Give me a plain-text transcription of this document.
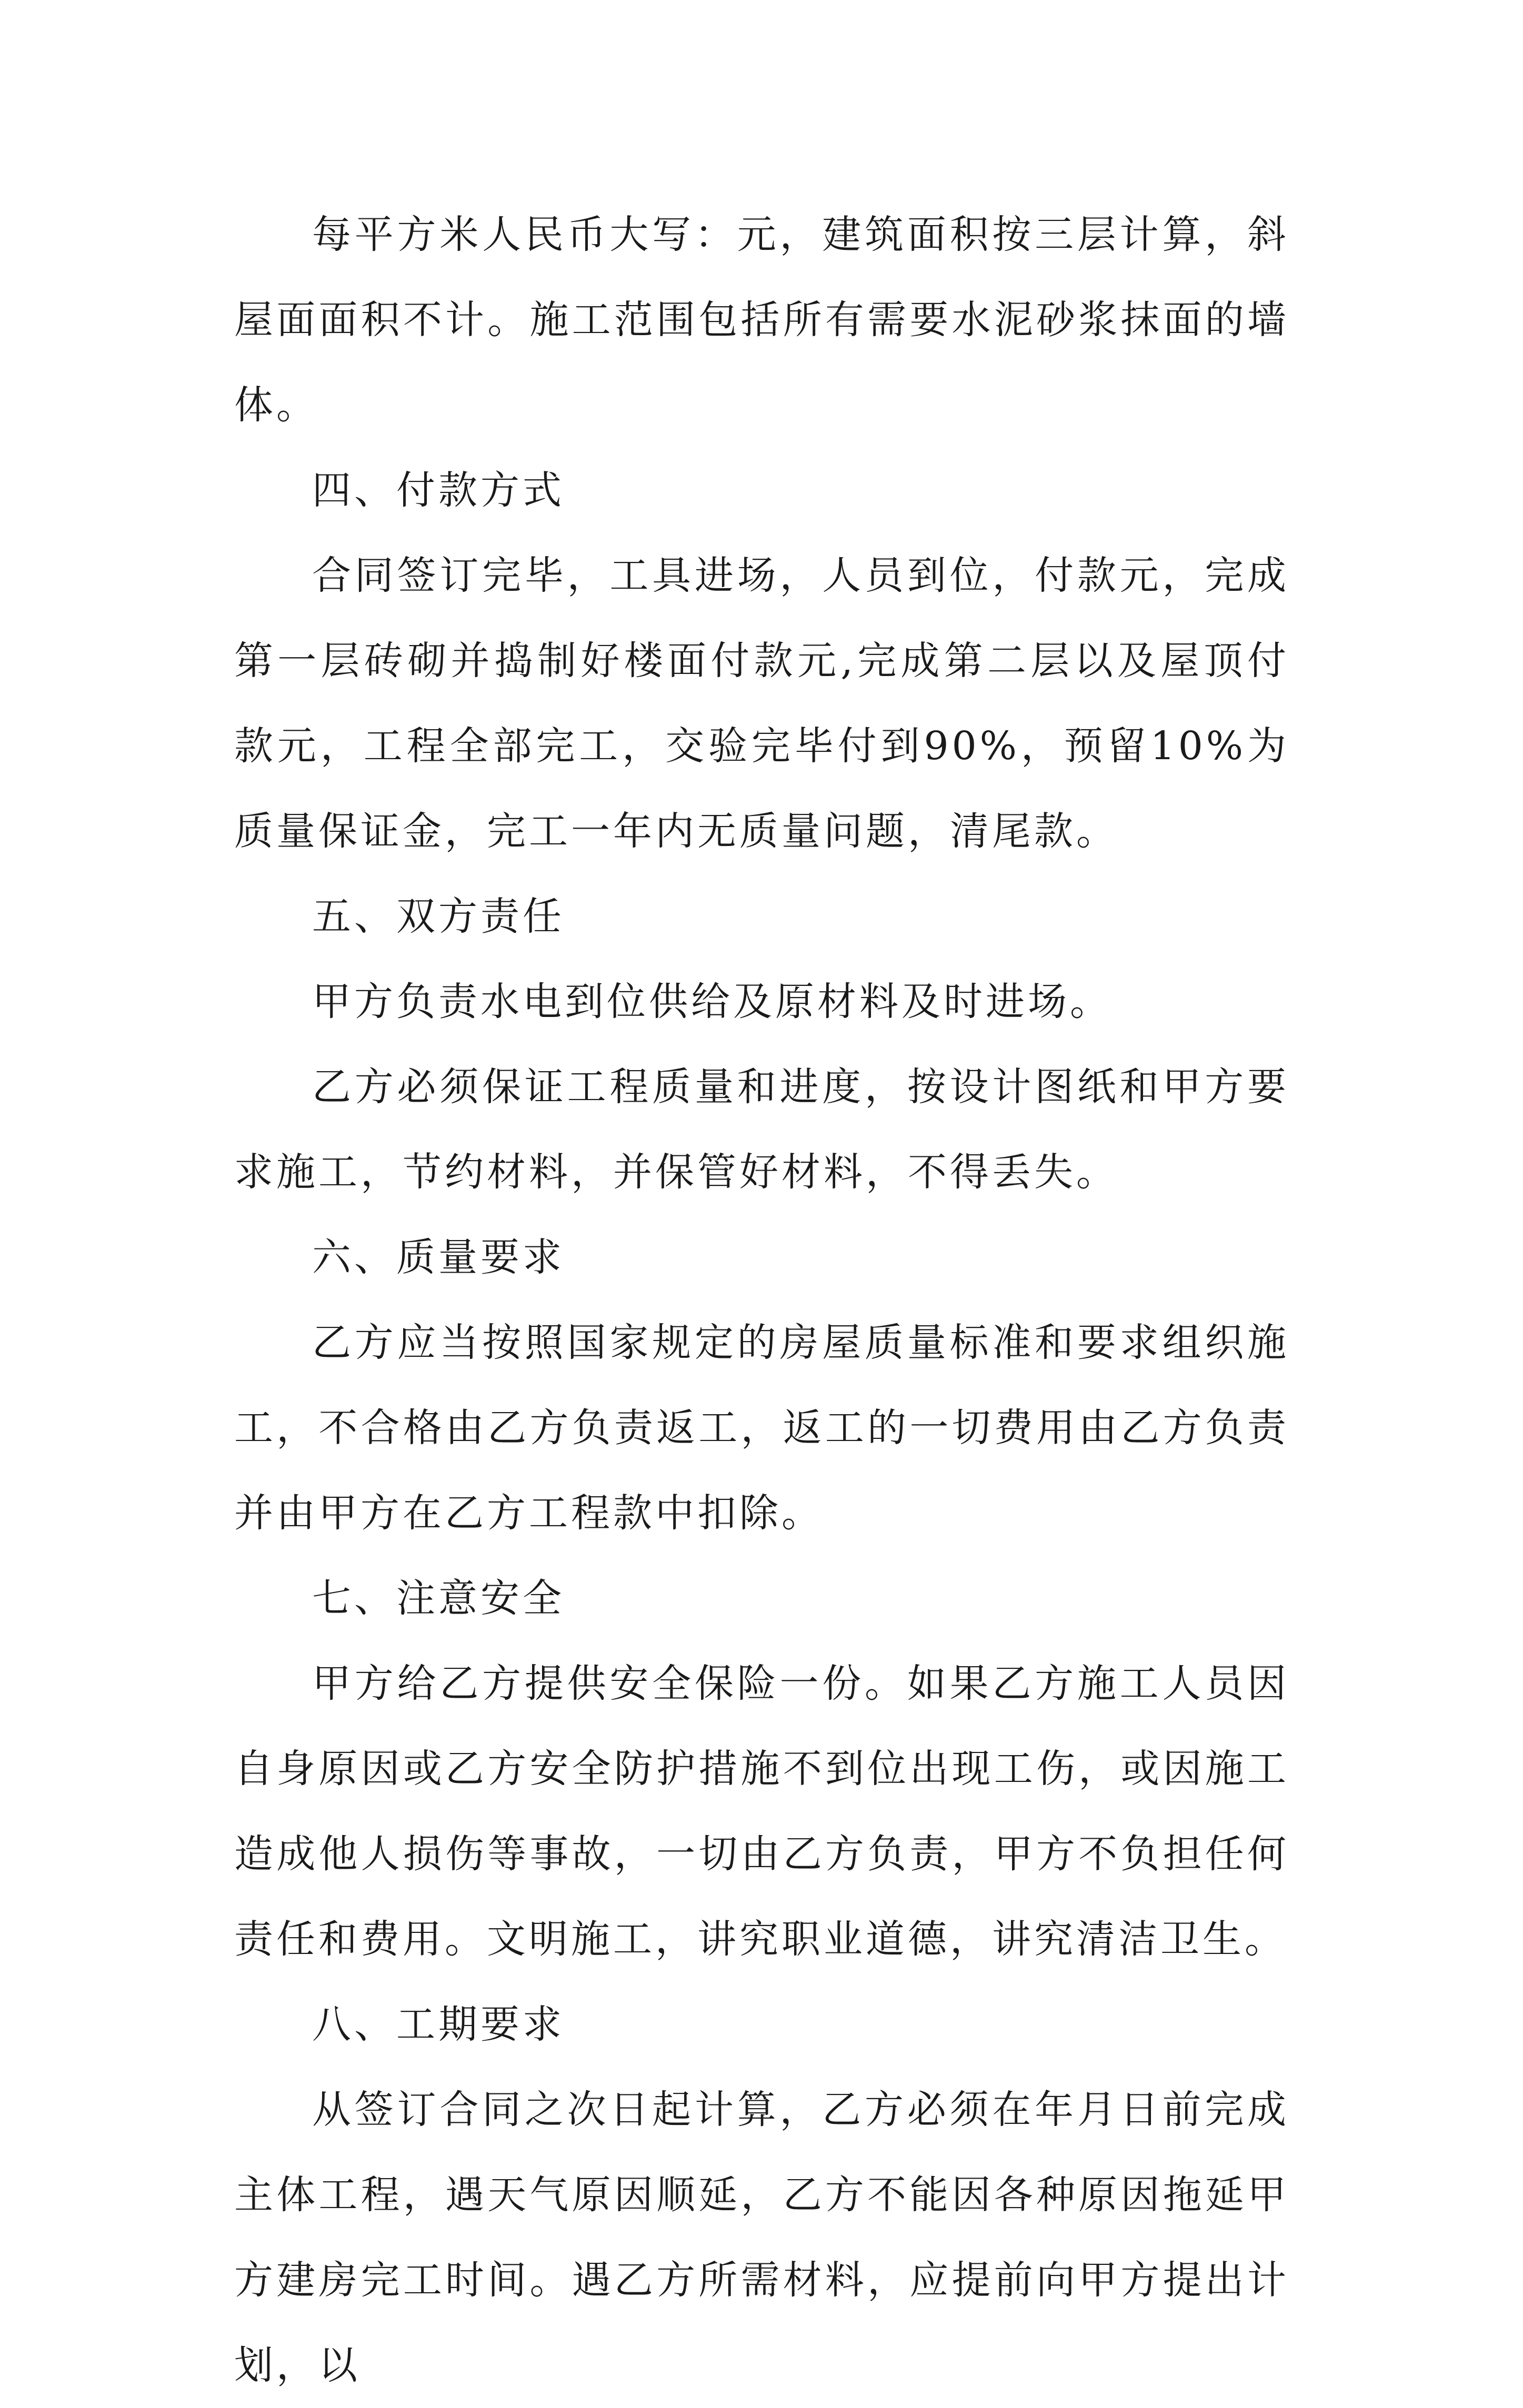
每平方米人民币大写：元，建筑面积按三层计算，斜屋面面积不计。施工范围包括所有需要水泥砂浆抹面的墙体。

四、付款方式

合同签订完毕，工具进场，人员到位，付款元，完成第一层砖砌并捣制好楼面付款元,完成第二层以及屋顶付款元，工程全部完工，交验完毕付到90%，预留10%为质量保证金，完工一年内无质量问题，清尾款。

五、双方责任

甲方负责水电到位供给及原材料及时进场。

乙方必须保证工程质量和进度，按设计图纸和甲方要求施工，节约材料，并保管好材料，不得丢失。

六、质量要求

乙方应当按照国家规定的房屋质量标准和要求组织施工，不合格由乙方负责返工，返工的一切费用由乙方负责并由甲方在乙方工程款中扣除。

七、注意安全

甲方给乙方提供安全保险一份。如果乙方施工人员因自身原因或乙方安全防护措施不到位出现工伤，或因施工造成他人损伤等事故，一切由乙方负责，甲方不负担任何责任和费用。文明施工，讲究职业道德，讲究清洁卫生。

八、工期要求

从签订合同之次日起计算，乙方必须在年月日前完成主体工程，遇天气原因顺延，乙方不能因各种原因拖延甲方建房完工时间。遇乙方所需材料，应提前向甲方提出计划，以
